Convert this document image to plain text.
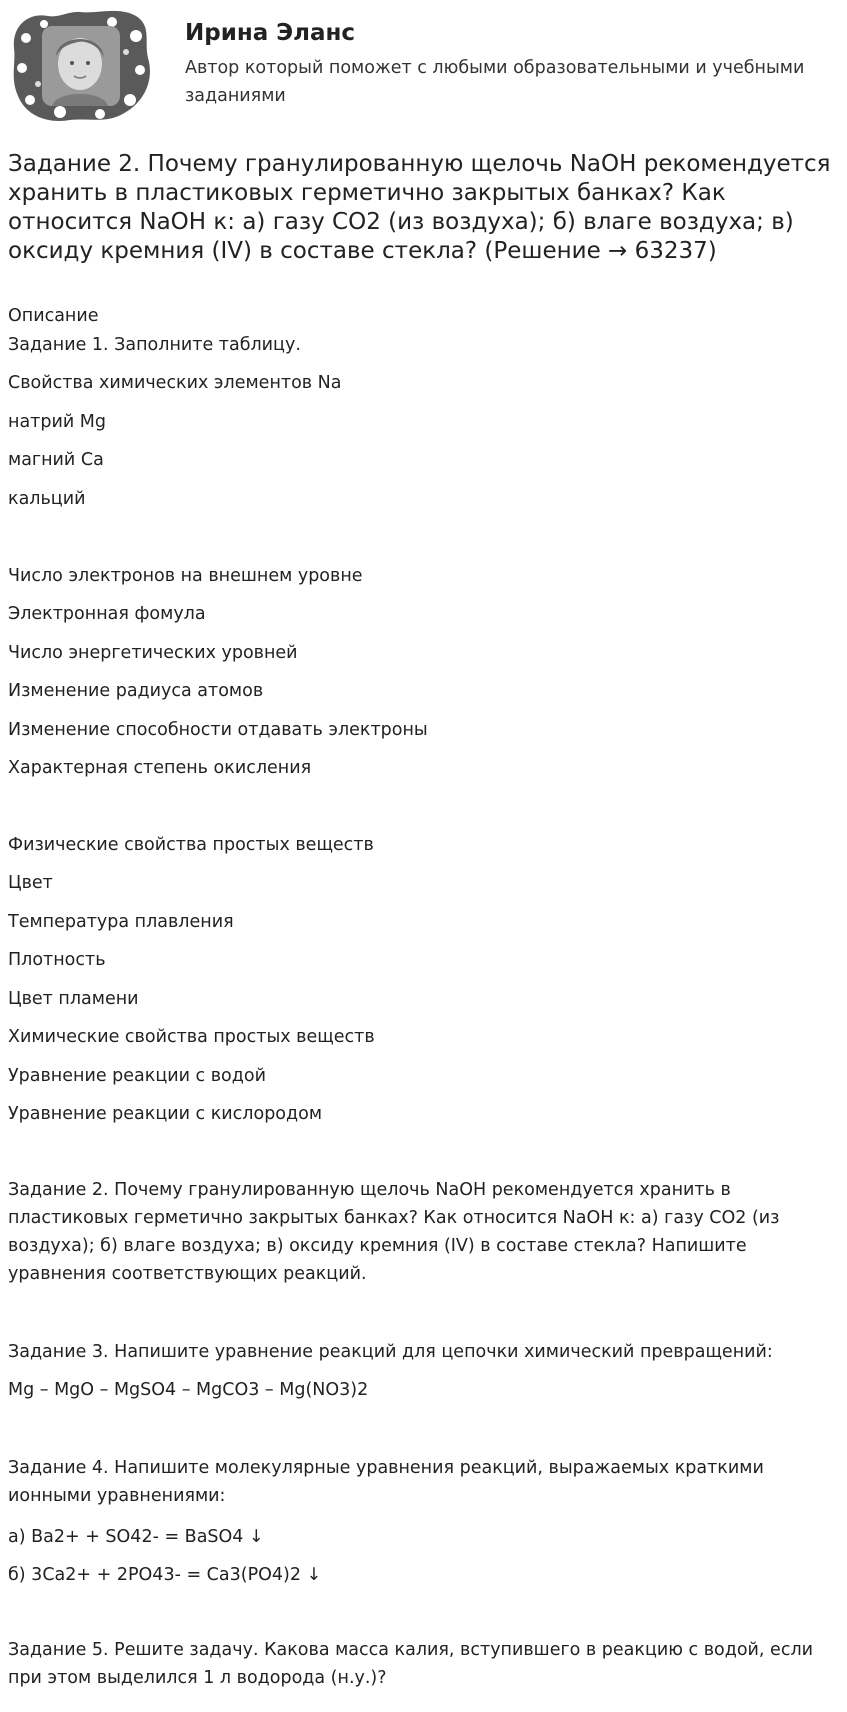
Ирина Эланс
Автор который поможет с любыми образовательными и учебными заданиями
Задание 2. Почему гранулированную щелочь NaOH рекомендуется хранить в пластиковых герметично закрытых банках? Как относится NaOH к: а) газу CO2 (из воздуха); б) влаге воздуха; в) оксиду кремния (IV) в составе стекла? (Решение → 63237)
Описание
Задание 1. Заполните таблицу.
Свойства химических элементов Na
натрий Mg
магний Ca
кальций
Число электронов на внешнем уровне
Электронная фомула
Число энергетических уровней
Изменение радиуса атомов
Изменение способности отдавать электроны
Характерная степень окисления
Физические свойства простых веществ
Цвет
Температура плавления
Плотность
Цвет пламени
Химические свойства простых веществ
Уравнение реакции с водой
Уравнение реакции с кислородом
Задание 2. Почему гранулированную щелочь NaOH рекомендуется хранить в пластиковых герметично закрытых банках? Как относится NaOH к: а) газу CO2 (из воздуха); б) влаге воздуха; в) оксиду кремния (IV) в составе стекла? Напишите уравнения соответствующих реакций.
Задание 3. Напишите уравнение реакций для цепочки химический превращений:
Mg – MgO – MgSO4 – MgCO3 – Mg(NO3)2
Задание 4. Напишите молекулярные уравнения реакций, выражаемых краткими ионными уравнениями:
а) Ba2+ + SO42- = BaSO4 ↓
б) 3Ca2+ + 2PO43- = Ca3(PO4)2 ↓
Задание 5. Решите задачу. Какова масса калия, вступившего в реакцию с водой, если при этом выделился 1 л водорода (н.у.)?
